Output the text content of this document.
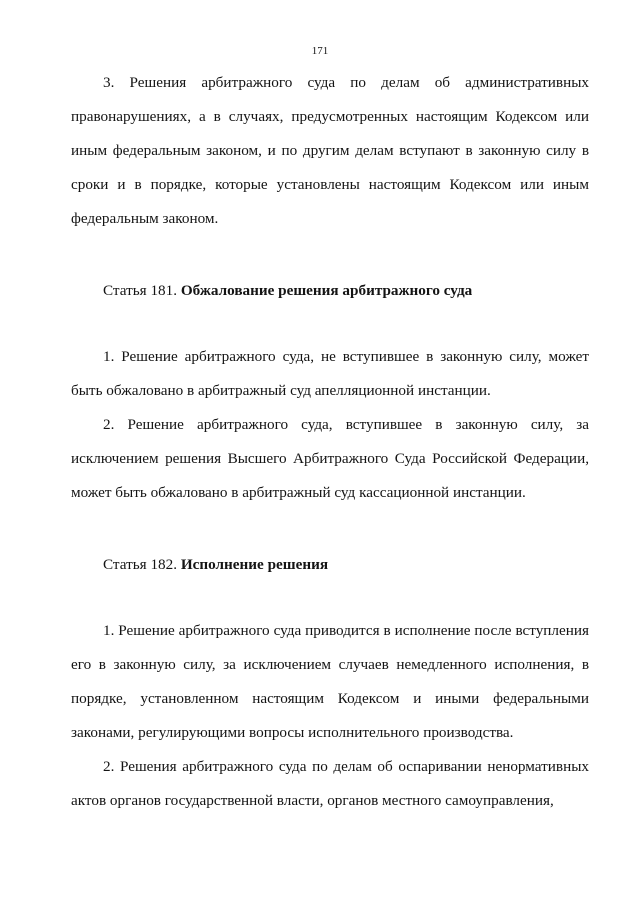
171

3. Решения арбитражного суда по делам об административных правонарушениях, а в случаях, предусмотренных настоящим Кодексом или иным федеральным законом, и по другим делам вступают в законную силу в сроки и в порядке, которые установлены настоящим Кодексом или иным федеральным законом.

Статья 181. Обжалование решения арбитражного суда

1. Решение арбитражного суда, не вступившее в законную силу, может быть обжаловано в арбитражный суд апелляционной инстанции.

2. Решение арбитражного суда, вступившее в законную силу, за исключением решения Высшего Арбитражного Суда Российской Федерации, может быть обжаловано в арбитражный суд кассационной инстанции.

Статья 182. Исполнение решения

1. Решение арбитражного суда приводится в исполнение после вступления его в законную силу, за исключением случаев немедленного исполнения, в порядке, установленном настоящим Кодексом и иными федеральными законами, регулирующими вопросы исполнительного производства.

2. Решения арбитражного суда по делам об оспаривании ненормативных актов органов государственной власти, органов местного самоуправления,
